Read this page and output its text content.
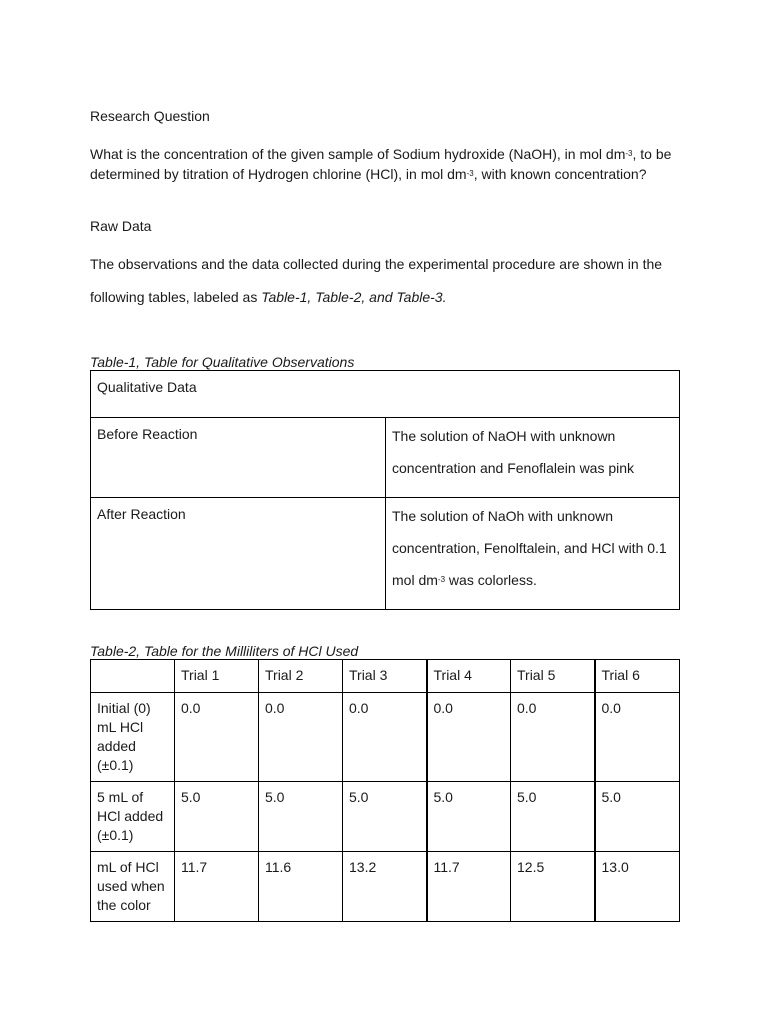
Research Question

What is the concentration of the given sample of Sodium hydroxide (NaOH), in mol $dm^{-3}$, to be determined by titration of Hydrogen chlorine (HCl), in mol $dm^{-3}$, with known concentration?

Raw Data

The observations and the data collected during the experimental procedure are shown in the

following tables, labeled as Table-1, Table-2, and Table-3.

Table-1, Table for Qualitative Observations

Qualitative Data	
Before Reaction	The solution of NaOH with unknown concentration and Fenoflalein was pink

After Reaction	The solution of NaOh with unknown concentration, Fenolftalein, and HCl with 0.1 mol $dm^{-3}$ was colorless.

Table-2, Table for the Milliliters of HCl Used

	Trial 1	Trial 2	Trial 3	Trial 4	Trial 5	Trial 6
Initial (0) mL HCl added (±0.1)	0.0	0.0	0.0	0.0	0.0	0.0
5 mL of HCl added (±0.1)	5.0	5.0	5.0	5.0	5.0	5.0
mL of HCl used when the color	11.7	11.6	13.2	11.7	12.5	13.0
